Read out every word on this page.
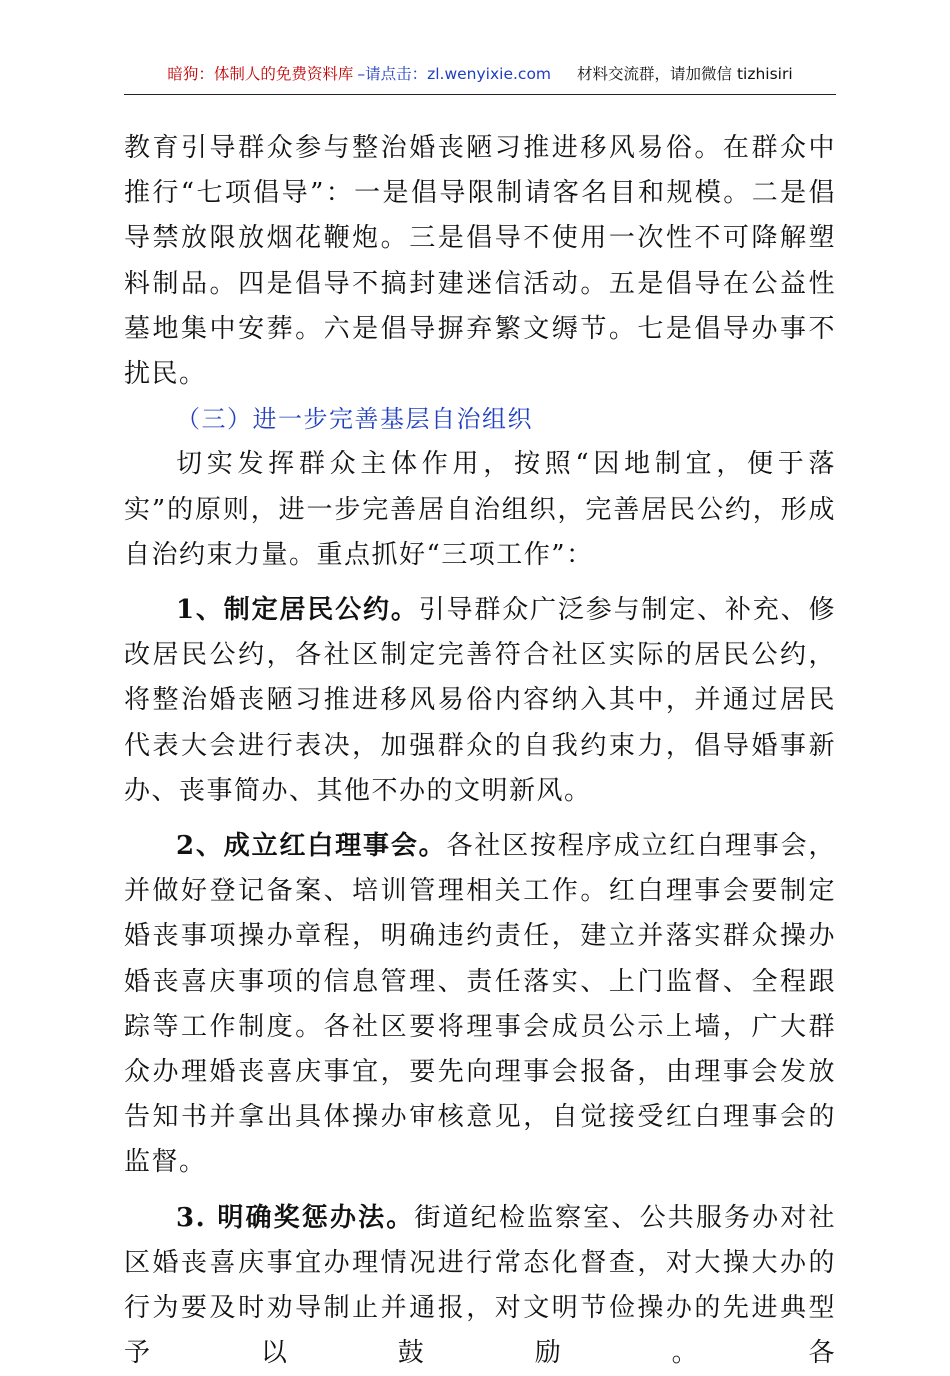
暗狗：体制人的免费资料库 –请点击：zl.wenyixie.com 材料交流群，请加微信 tizhisiri

教育引导群众参与整治婚丧陋习推进移风易俗。在群众中推行“七项倡导”：一是倡导限制请客名目和规模。二是倡导禁放限放烟花鞭炮。三是倡导不使用一次性不可降解塑料制品。四是倡导不搞封建迷信活动。五是倡导在公益性墓地集中安葬。六是倡导摒弃繁文缛节。七是倡导办事不扰民。

（三）进一步完善基层自治组织

切实发挥群众主体作用，按照“因地制宜，便于落实”的原则，进一步完善居自治组织，完善居民公约，形成自治约束力量。重点抓好“三项工作”：

1、制定居民公约。引导群众广泛参与制定、补充、修改居民公约，各社区制定完善符合社区实际的居民公约，将整治婚丧陋习推进移风易俗内容纳入其中，并通过居民代表大会进行表决，加强群众的自我约束力，倡导婚事新办、丧事简办、其他不办的文明新风。

2、成立红白理事会。各社区按程序成立红白理事会，并做好登记备案、培训管理相关工作。红白理事会要制定婚丧事项操办章程，明确违约责任，建立并落实群众操办婚丧喜庆事项的信息管理、责任落实、上门监督、全程跟踪等工作制度。各社区要将理事会成员公示上墙，广大群众办理婚丧喜庆事宜，要先向理事会报备，由理事会发放告知书并拿出具体操办审核意见，自觉接受红白理事会的监督。

3. 明确奖惩办法。街道纪检监察室、公共服务办对社区婚丧喜庆事宜办理情况进行常态化督查，对大操大办的行为要及时劝导制止并通报，对文明节俭操办的先进典型予以鼓励。各
